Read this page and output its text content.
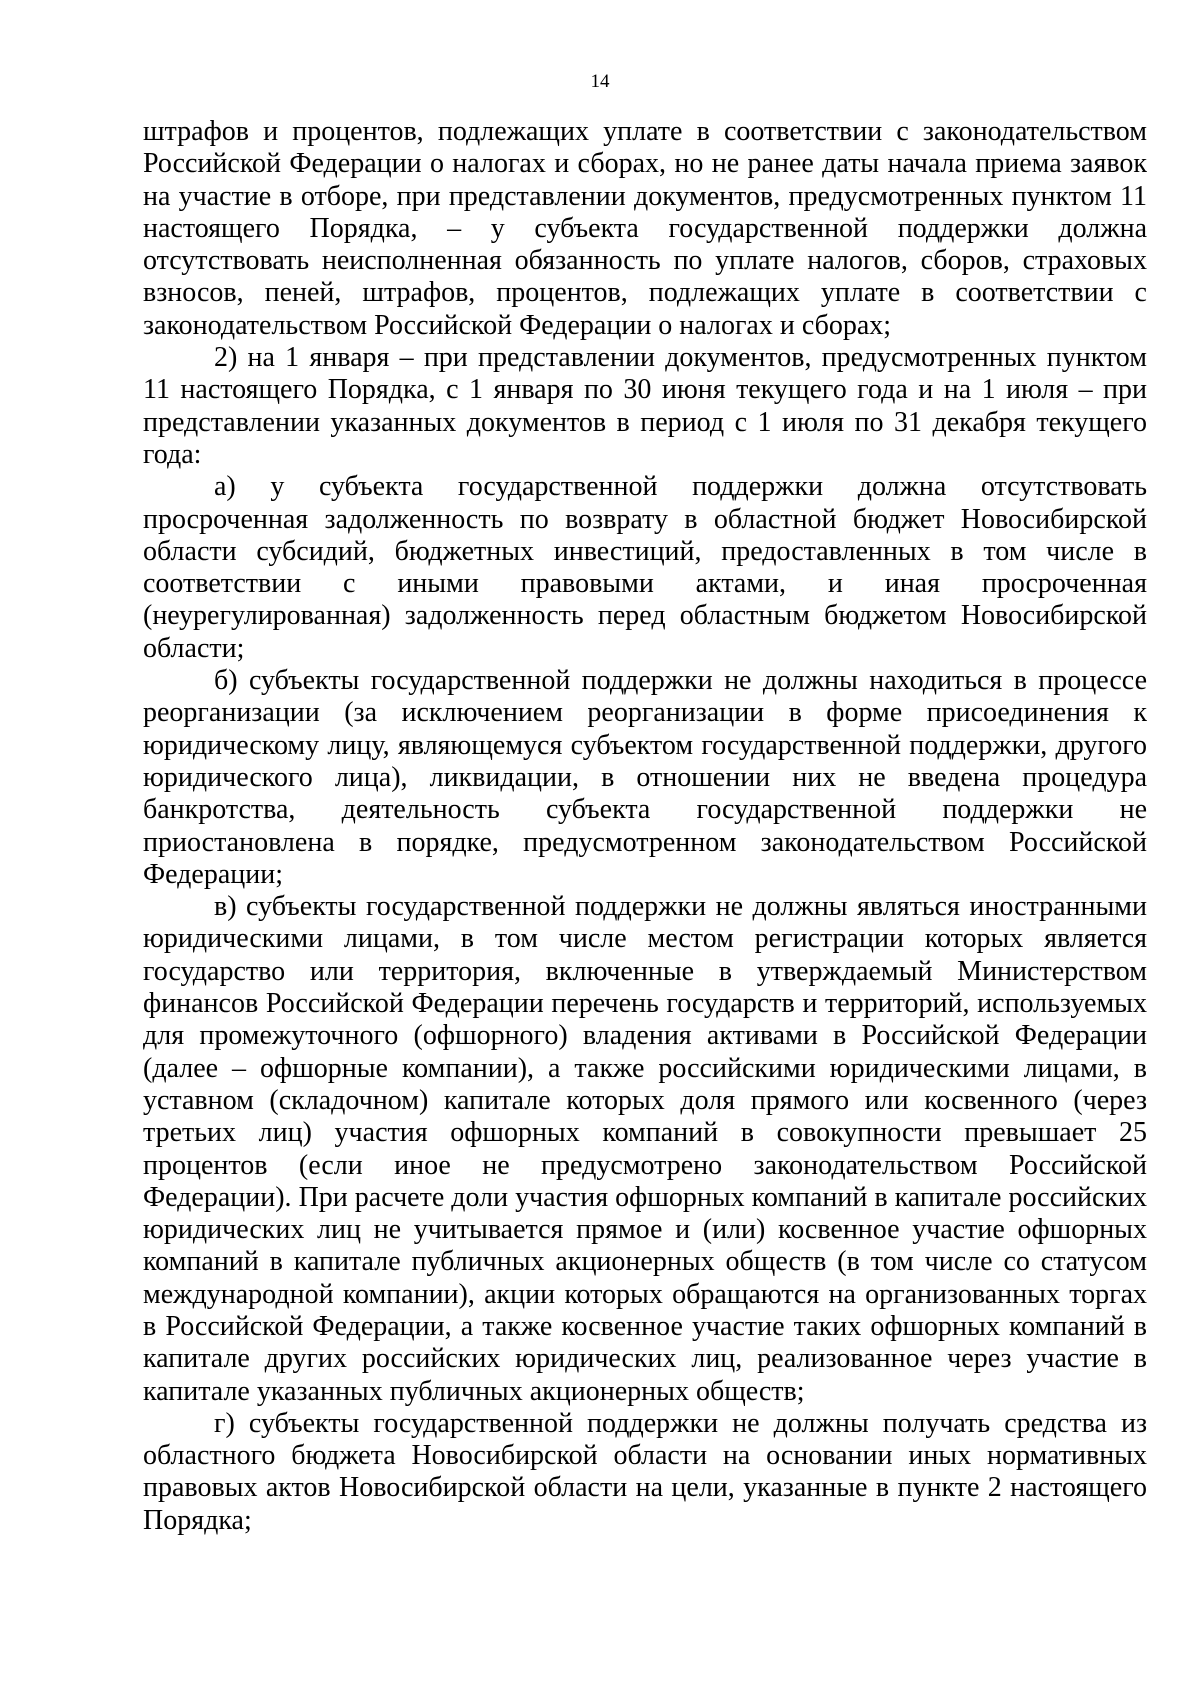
14

штрафов и процентов, подлежащих уплате в соответствии с законодательством Российской Федерации о налогах и сборах, но не ранее даты начала приема заявок на участие в отборе, при представлении документов, предусмотренных пунктом 11 настоящего Порядка, – у субъекта государственной поддержки должна отсутствовать неисполненная обязанность по уплате налогов, сборов, страховых взносов, пеней, штрафов, процентов, подлежащих уплате в соответствии с законодательством Российской Федерации о налогах и сборах;

2) на 1 января – при представлении документов, предусмотренных пунктом 11 настоящего Порядка, с 1 января по 30 июня текущего года и на 1 июля – при представлении указанных документов в период с 1 июля по 31 декабря текущего года:

а) у субъекта государственной поддержки должна отсутствовать просроченная задолженность по возврату в областной бюджет Новосибирской области субсидий, бюджетных инвестиций, предоставленных в том числе в соответствии с иными правовыми актами, и иная просроченная (неурегулированная) задолженность перед областным бюджетом Новосибирской области;

б) субъекты государственной поддержки не должны находиться в процессе реорганизации (за исключением реорганизации в форме присоединения к юридическому лицу, являющемуся субъектом государственной поддержки, другого юридического лица), ликвидации, в отношении них не введена процедура банкротства, деятельность субъекта государственной поддержки не приостановлена в порядке, предусмотренном законодательством Российской Федерации;

в) субъекты государственной поддержки не должны являться иностранными юридическими лицами, в том числе местом регистрации которых является государство или территория, включенные в утверждаемый Министерством финансов Российской Федерации перечень государств и территорий, используемых для промежуточного (офшорного) владения активами в Российской Федерации (далее – офшорные компании), а также российскими юридическими лицами, в уставном (складочном) капитале которых доля прямого или косвенного (через третьих лиц) участия офшорных компаний в совокупности превышает 25 процентов (если иное не предусмотрено законодательством Российской Федерации). При расчете доли участия офшорных компаний в капитале российских юридических лиц не учитывается прямое и (или) косвенное участие офшорных компаний в капитале публичных акционерных обществ (в том числе со статусом международной компании), акции которых обращаются на организованных торгах в Российской Федерации, а также косвенное участие таких офшорных компаний в капитале других российских юридических лиц, реализованное через участие в капитале указанных публичных акционерных обществ;

г) субъекты государственной поддержки не должны получать средства из областного бюджета Новосибирской области на основании иных нормативных правовых актов Новосибирской области на цели, указанные в пункте 2 настоящего Порядка;
